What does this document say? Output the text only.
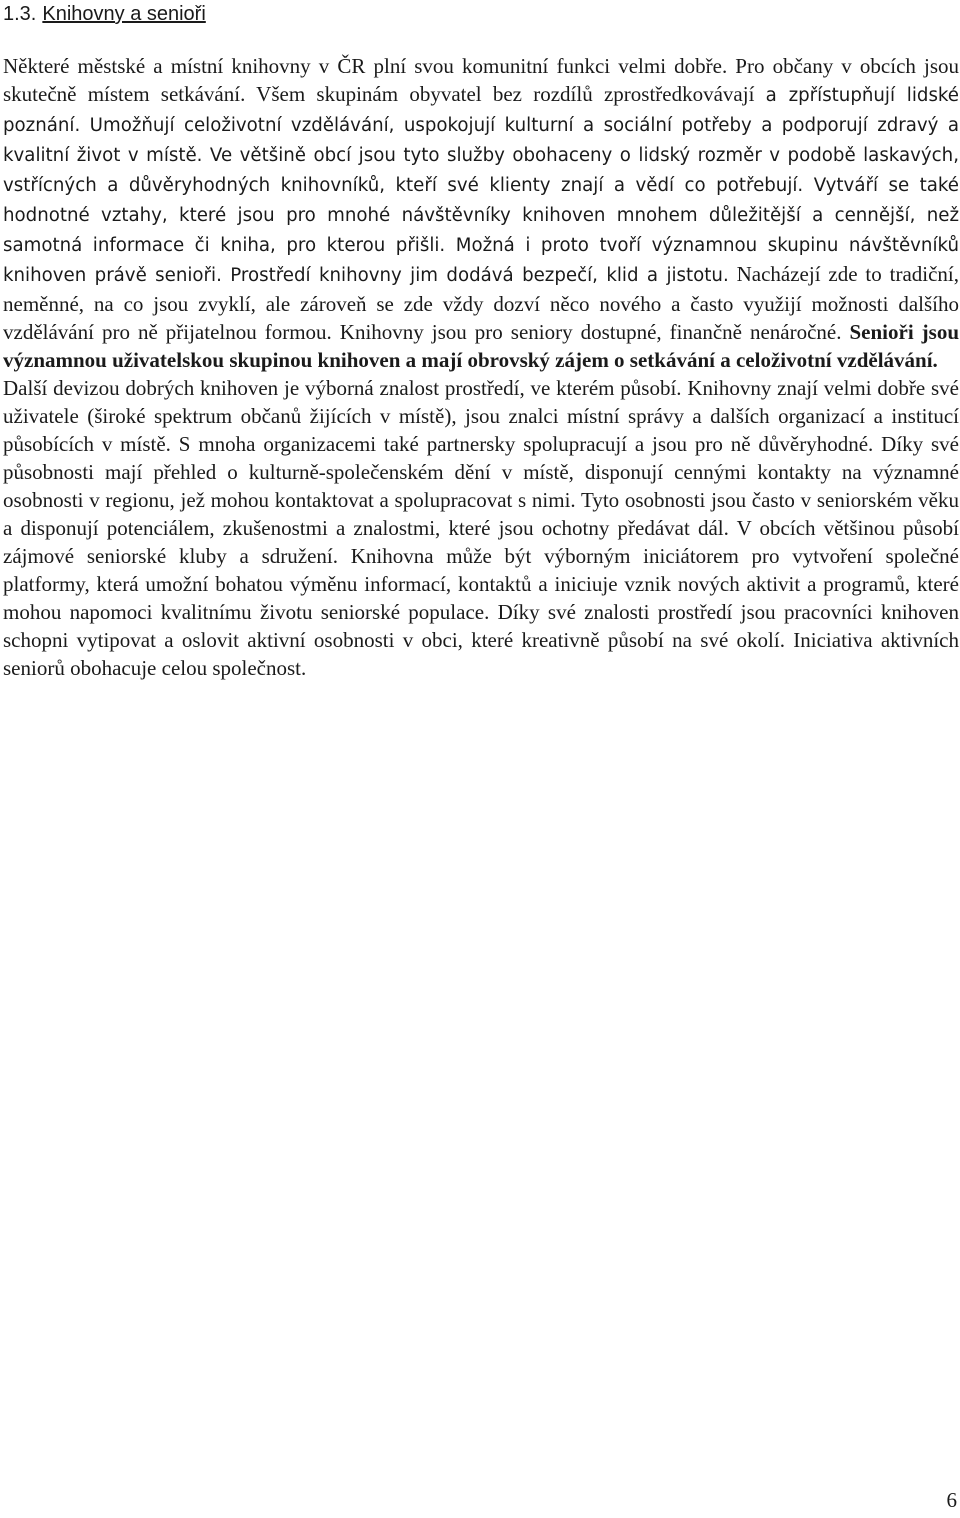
1.3. Knihovny a senioři

Některé městské a místní knihovny v ČR plní svou komunitní funkci velmi dobře. Pro občany v obcích jsou skutečně místem setkávání. Všem skupinám obyvatel bez rozdílů zprostředkovávají a zpřístupňují lidské poznání. Umožňují celoživotní vzdělávání, uspokojují kulturní a sociální potřeby a podporují zdravý a kvalitní život v místě. Ve většině obcí jsou tyto služby obohaceny o lidský rozměr v podobě laskavých, vstřícných a důvěryhodných knihovníků, kteří své klienty znají a vědí co potřebují. Vytváří se také hodnotné vztahy, které jsou pro mnohé návštěvníky knihoven mnohem důležitější a cennější, než samotná informace či kniha, pro kterou přišli. Možná i proto tvoří významnou skupinu návštěvníků knihoven právě senioři. Prostředí knihovny jim dodává bezpečí, klid a jistotu. Nacházejí zde to tradiční, neměnné, na co jsou zvyklí, ale zároveň se zde vždy dozví něco nového a často využijí možnosti dalšího vzdělávání pro ně přijatelnou formou. Knihovny jsou pro seniory dostupné, finančně nenáročné. Senioři jsou významnou uživatelskou skupinou knihoven a mají obrovský zájem o setkávání a celoživotní vzdělávání.

Další devizou dobrých knihoven je výborná znalost prostředí, ve kterém působí. Knihovny znají velmi dobře své uživatele (široké spektrum občanů žijících v místě), jsou znalci místní správy a dalších organizací a institucí působících v místě. S mnoha organizacemi také partnersky spolupracují a jsou pro ně důvěryhodné. Díky své působnosti mají přehled o kulturně-společenském dění v místě, disponují cennými kontakty na významné osobnosti v regionu, jež mohou kontaktovat a spolupracovat s nimi. Tyto osobnosti jsou často v seniorském věku a disponují potenciálem, zkušenostmi a znalostmi, které jsou ochotny předávat dál. V obcích většinou působí zájmové seniorské kluby a sdružení. Knihovna může být výborným iniciátorem pro vytvoření společné platformy, která umožní bohatou výměnu informací, kontaktů a iniciuje vznik nových aktivit a programů, které mohou napomoci kvalitnímu životu seniorské populace. Díky své znalosti prostředí jsou pracovníci knihoven schopni vytipovat a oslovit aktivní osobnosti v obci, které kreativně působí na své okolí. Iniciativa aktivních seniorů obohacuje celou společnost.

6
